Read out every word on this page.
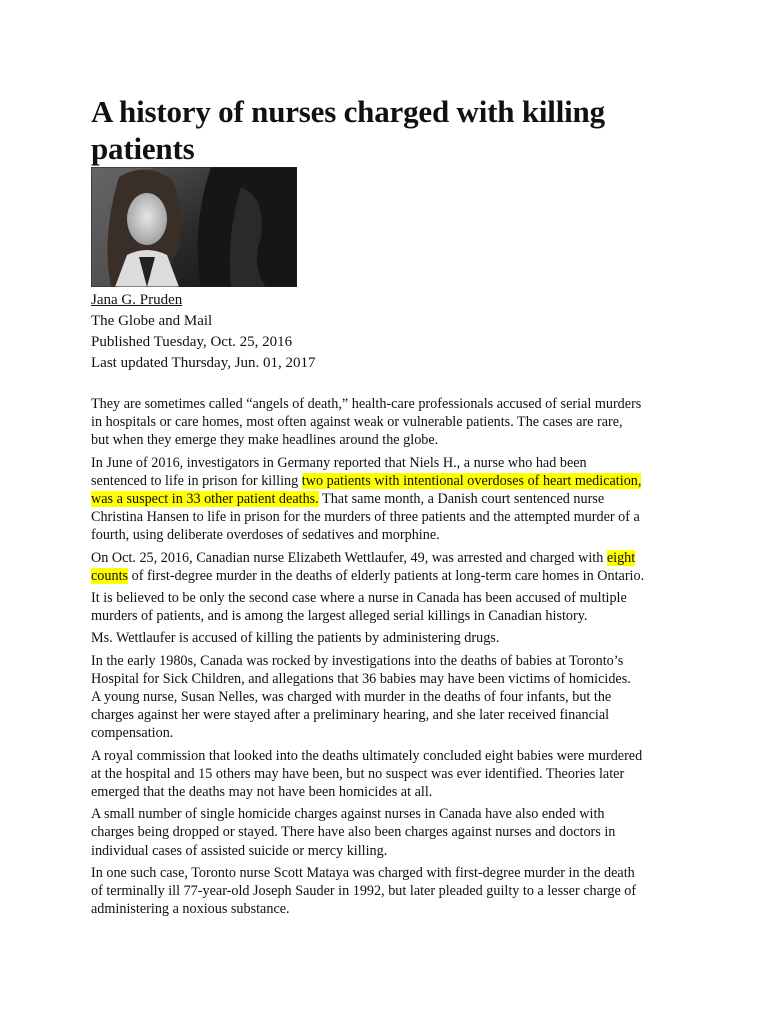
A history of nurses charged with killing patients
Jana G. Pruden
The Globe and Mail
Published Tuesday, Oct. 25, 2016
Last updated Thursday, Jun. 01, 2017

They are sometimes called “angels of death,” health-care professionals accused of serial murders
in hospitals or care homes, most often against weak or vulnerable patients. The cases are rare,
but when they emerge they make headlines around the globe.

In June of 2016, investigators in Germany reported that Niels H., a nurse who had been
sentenced to life in prison for killing two patients with intentional overdoses of heart medication,
was a suspect in 33 other patient deaths. That same month, a Danish court sentenced nurse
Christina Hansen to life in prison for the murders of three patients and the attempted murder of a
fourth, using deliberate overdoses of sedatives and morphine.

On Oct. 25, 2016, Canadian nurse Elizabeth Wettlaufer, 49, was arrested and charged with eight
counts of first-degree murder in the deaths of elderly patients at long-term care homes in Ontario.

It is believed to be only the second case where a nurse in Canada has been accused of multiple
murders of patients, and is among the largest alleged serial killings in Canadian history.

Ms. Wettlaufer is accused of killing the patients by administering drugs.

In the early 1980s, Canada was rocked by investigations into the deaths of babies at Toronto’s
Hospital for Sick Children, and allegations that 36 babies may have been victims of homicides.
A young nurse, Susan Nelles, was charged with murder in the deaths of four infants, but the
charges against her were stayed after a preliminary hearing, and she later received financial
compensation.

A royal commission that looked into the deaths ultimately concluded eight babies were murdered
at the hospital and 15 others may have been, but no suspect was ever identified. Theories later
emerged that the deaths may not have been homicides at all.

A small number of single homicide charges against nurses in Canada have also ended with
charges being dropped or stayed. There have also been charges against nurses and doctors in
individual cases of assisted suicide or mercy killing.

In one such case, Toronto nurse Scott Mataya was charged with first-degree murder in the death
of terminally ill 77-year-old Joseph Sauder in 1992, but later pleaded guilty to a lesser charge of
administering a noxious substance.
